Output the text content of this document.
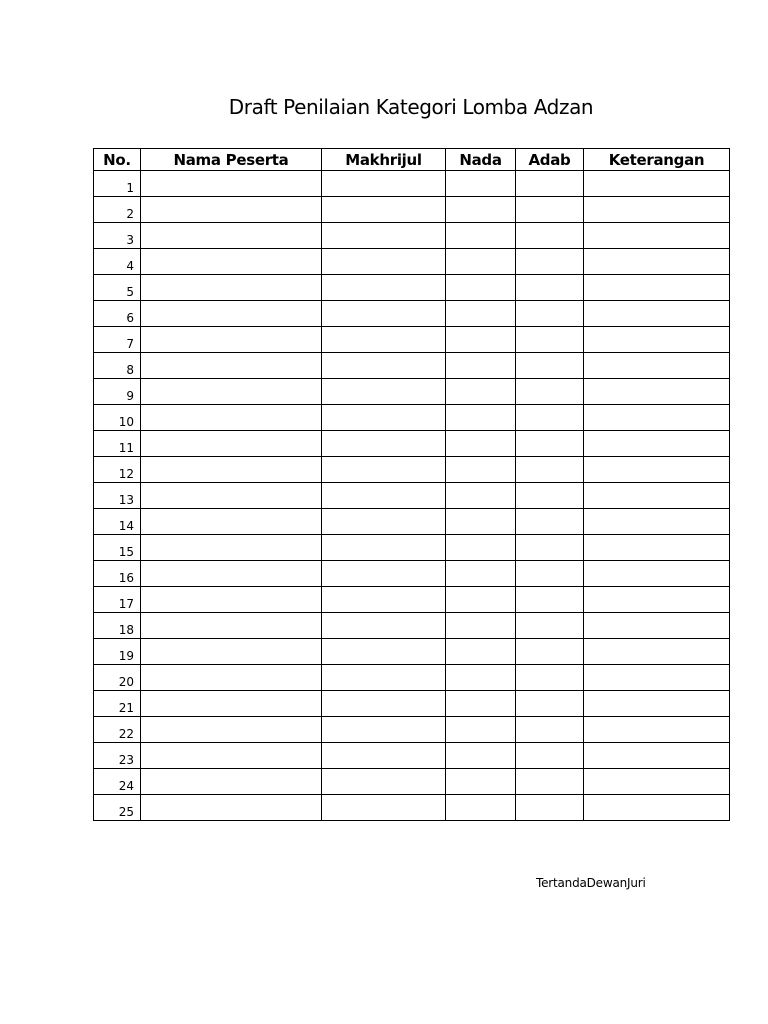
Draft Penilaian Kategori Lomba Adzan
No.	Nama Peserta	Makhrijul	Nada	Adab	Keterangan
1					
2					
3					
4					
5					
6					
7					
8					
9					
10					
11					
12					
13					
14					
15					
16					
17					
18					
19					
20					
21					
22					
23					
24					
25					
TertandaDewanJuri
